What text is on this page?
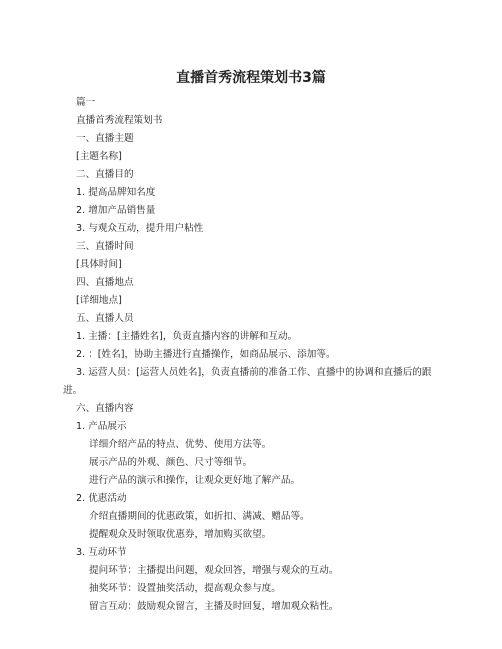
直播首秀流程策划书3篇
篇一
直播首秀流程策划书
一、直播主题
[主题名称]
二、直播目的
1. 提高品牌知名度
2. 增加产品销售量
3. 与观众互动，提升用户粘性
三、直播时间
[具体时间]
四、直播地点
[详细地点]
五、直播人员
1. 主播：[主播姓名]，负责直播内容的讲解和互动。
2. ：[姓名]，协助主播进行直播操作，如商品展示、添加等。
3. 运营人员：[运营人员姓名]，负责直播前的准备工作、直播中的协调和直播后的跟
进。
六、直播内容
1. 产品展示
详细介绍产品的特点、优势、使用方法等。
展示产品的外观、颜色、尺寸等细节。
进行产品的演示和操作，让观众更好地了解产品。
2. 优惠活动
介绍直播期间的优惠政策，如折扣、满减、赠品等。
提醒观众及时领取优惠券，增加购买欲望。
3. 互动环节
提问环节：主播提出问题，观众回答，增强与观众的互动。
抽奖环节：设置抽奖活动，提高观众参与度。
留言互动：鼓励观众留言，主播及时回复，增加观众粘性。
